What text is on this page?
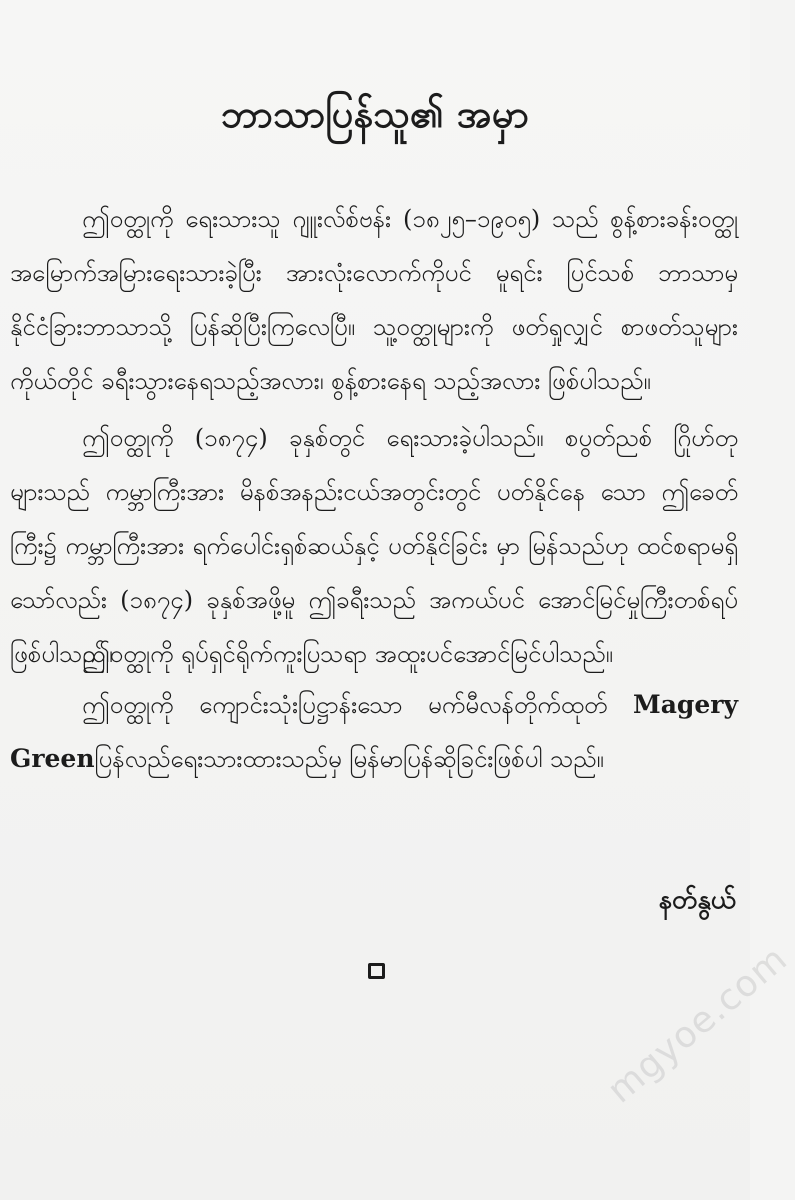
ဘာသာပြန်သူ၏ အမှာ

ဤဝတ္ထုကို ရေးသားသူ ဂျူးလ်စ်ဗန်း (၁၈၂၅–၁၉၀၅) သည် စွန့်စားခန်းဝတ္ထု အမြောက်အမြားရေးသားခဲ့ပြီး အားလုံးလောက်ကိုပင် မူရင်း ပြင်သစ် ဘာသာမှ နိုင်ငံခြားဘာသာသို့ ပြန်ဆိုပြီးကြလေပြီ။ သူ့ဝတ္ထုများကို ဖတ်ရှုလျှင် စာဖတ်သူများကိုယ်တိုင် ခရီးသွားနေရသည့်အလား၊ စွန့်စားနေရ သည့်အလား ဖြစ်ပါသည်။

ဤဝတ္ထုကို (၁၈၇၄) ခုနှစ်တွင် ရေးသားခဲ့ပါသည်။ စပွတ်ညစ် ဂြိုဟ်တုများသည် ကမ္ဘာကြီးအား မိနစ်အနည်းငယ်အတွင်းတွင် ပတ်နိုင်နေ သော ဤခေတ်ကြီး၌ ကမ္ဘာကြီးအား ရက်ပေါင်းရှစ်ဆယ်နှင့် ပတ်နိုင်ခြင်း မှာ မြန်သည်ဟု ထင်စရာမရှိသော်လည်း (၁၈၇၄) ခုနှစ်အဖို့မူ ဤခရီးသည် အကယ်ပင် အောင်မြင်မှုကြီးတစ်ရပ် ဖြစ်ပါသည်။

ဤဝတ္ထုကို ရုပ်ရှင်ရိုက်ကူးပြသရာ အထူးပင်အောင်မြင်ပါသည်။

ဤဝတ္ထုကို ကျောင်းသုံးပြဋ္ဌာန်းသော မက်မီလန်တိုက်ထုတ် Magery Greenပြန်လည်ရေးသားထားသည်မှ မြန်မာပြန်ဆိုခြင်းဖြစ်ပါ သည်။

နတ်နွယ်
mgyoe.com
